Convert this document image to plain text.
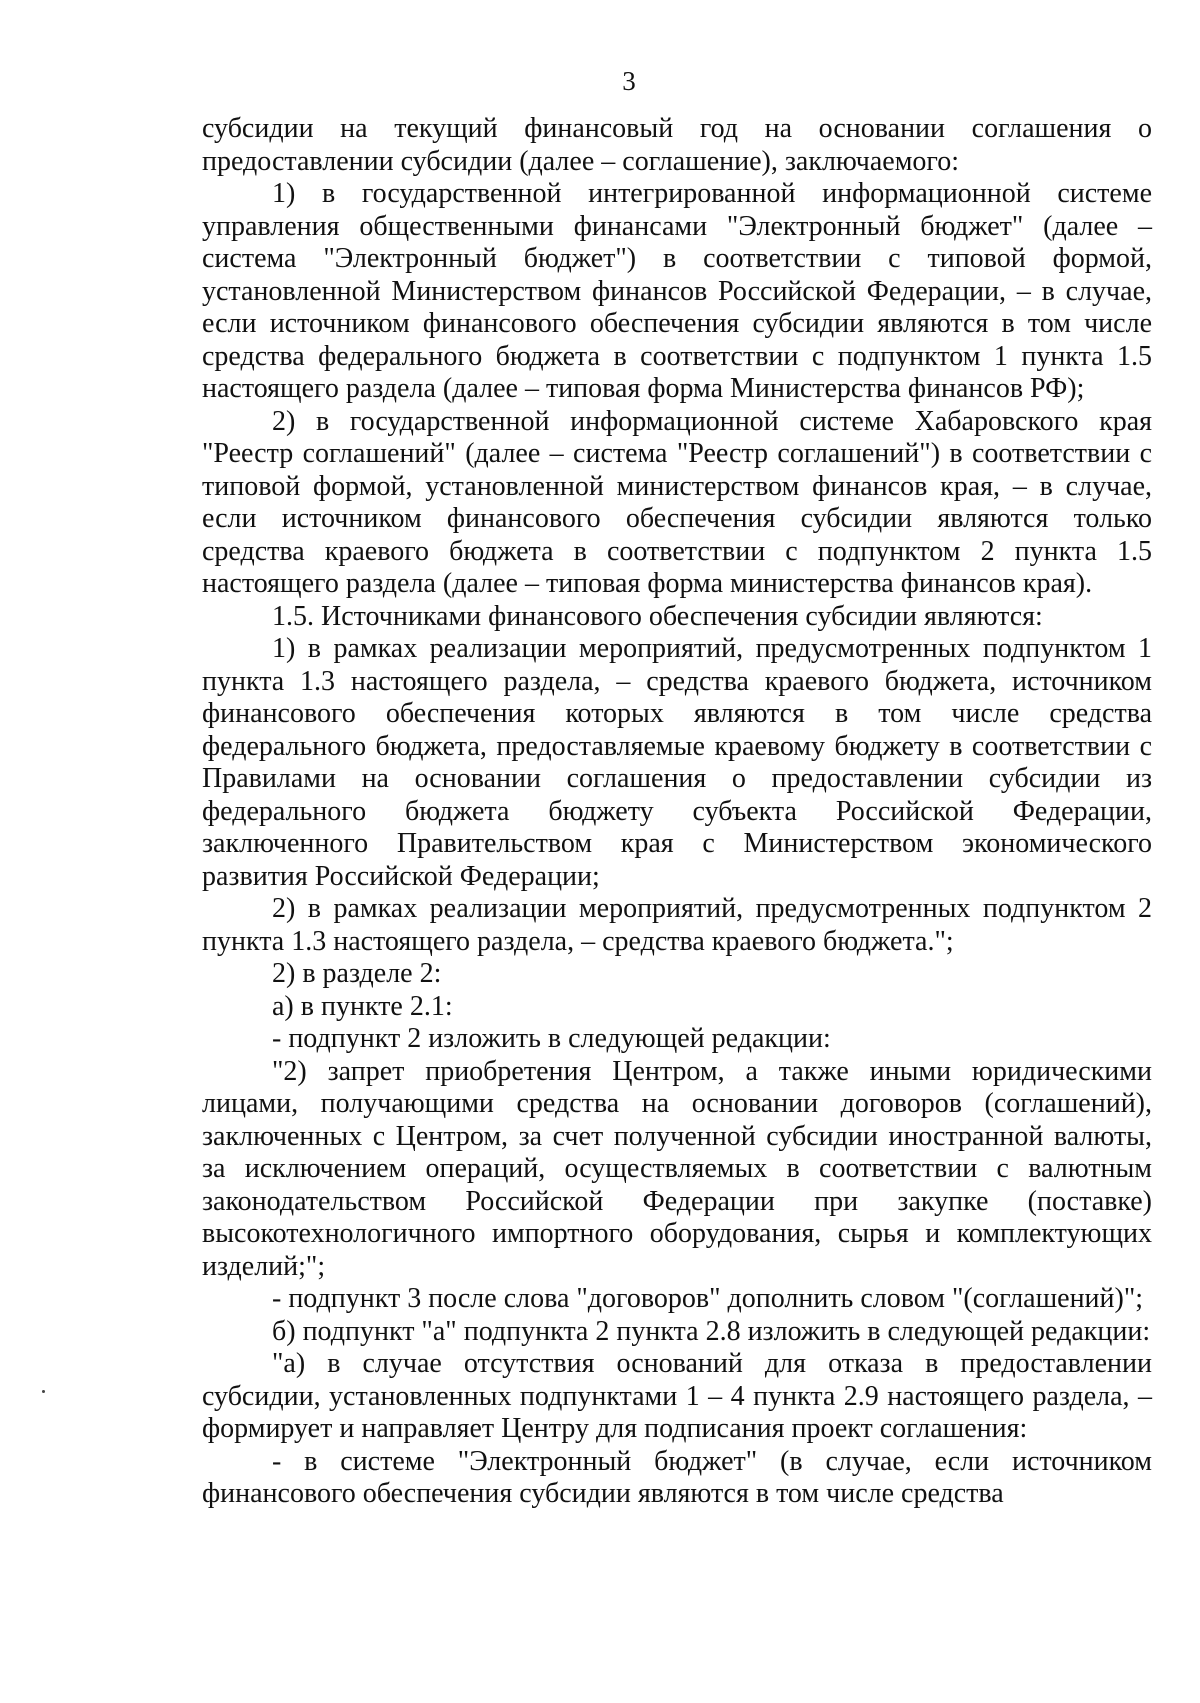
3

субсидии на текущий финансовый год на основании соглашения о предоставлении субсидии (далее – соглашение), заключаемого:

1) в государственной интегрированной информационной системе управления общественными финансами "Электронный бюджет" (далее – система "Электронный бюджет") в соответствии с типовой формой, установленной Министерством финансов Российской Федерации, – в случае, если источником финансового обеспечения субсидии являются в том числе средства федерального бюджета в соответствии с подпунктом 1 пункта 1.5 настоящего раздела (далее – типовая форма Министерства финансов РФ);

2) в государственной информационной системе Хабаровского края "Реестр соглашений" (далее – система "Реестр соглашений") в соответствии с типовой формой, установленной министерством финансов края, – в случае, если источником финансового обеспечения субсидии являются только средства краевого бюджета в соответствии с подпунктом 2 пункта 1.5 настоящего раздела (далее – типовая форма министерства финансов края).

1.5. Источниками финансового обеспечения субсидии являются:

1) в рамках реализации мероприятий, предусмотренных подпунктом 1 пункта 1.3 настоящего раздела, – средства краевого бюджета, источником финансового обеспечения которых являются в том числе средства федерального бюджета, предоставляемые краевому бюджету в соответствии с Правилами на основании соглашения о предоставлении субсидии из федерального бюджета бюджету субъекта Российской Федерации, заключенного Правительством края с Министерством экономического развития Российской Федерации;

2) в рамках реализации мероприятий, предусмотренных подпунктом 2 пункта 1.3 настоящего раздела, – средства краевого бюджета.";

2) в разделе 2:

а) в пункте 2.1:

- подпункт 2 изложить в следующей редакции:

"2) запрет приобретения Центром, а также иными юридическими лицами, получающими средства на основании договоров (соглашений), заключенных с Центром, за счет полученной субсидии иностранной валюты, за исключением операций, осуществляемых в соответствии с валютным законодательством Российской Федерации при закупке (поставке) высокотехнологичного импортного оборудования, сырья и комплектующих изделий;";

- подпункт 3 после слова "договоров" дополнить словом "(соглашений)";

б) подпункт "а" подпункта 2 пункта 2.8 изложить в следующей редакции:

"а) в случае отсутствия оснований для отказа в предоставлении субсидии, установленных подпунктами 1 – 4 пункта 2.9 настоящего раздела, – формирует и направляет Центру для подписания проект соглашения:

- в системе "Электронный бюджет" (в случае, если источником финансового обеспечения субсидии являются в том числе средства
